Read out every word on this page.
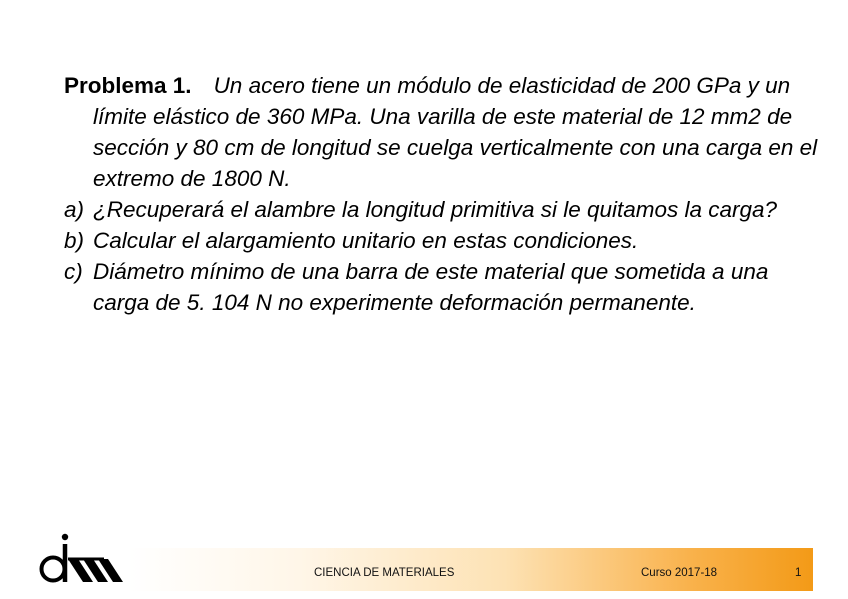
Problema 1. Un acero tiene un módulo de elasticidad de 200 GPa y un límite elástico de 360 MPa. Una varilla de este material de 12 mm2 de sección y 80 cm de longitud se cuelga verticalmente con una carga en el extremo de 1800 N.

a) ¿Recuperará el alambre la longitud primitiva si le quitamos la carga?

b) Calcular el alargamiento unitario en estas condiciones.

c) Diámetro mínimo de una barra de este material que sometida a una carga de 5. 104 N no experimente deformación permanente.

CIENCIA DE MATERIALES	Curso 2017-18	1
